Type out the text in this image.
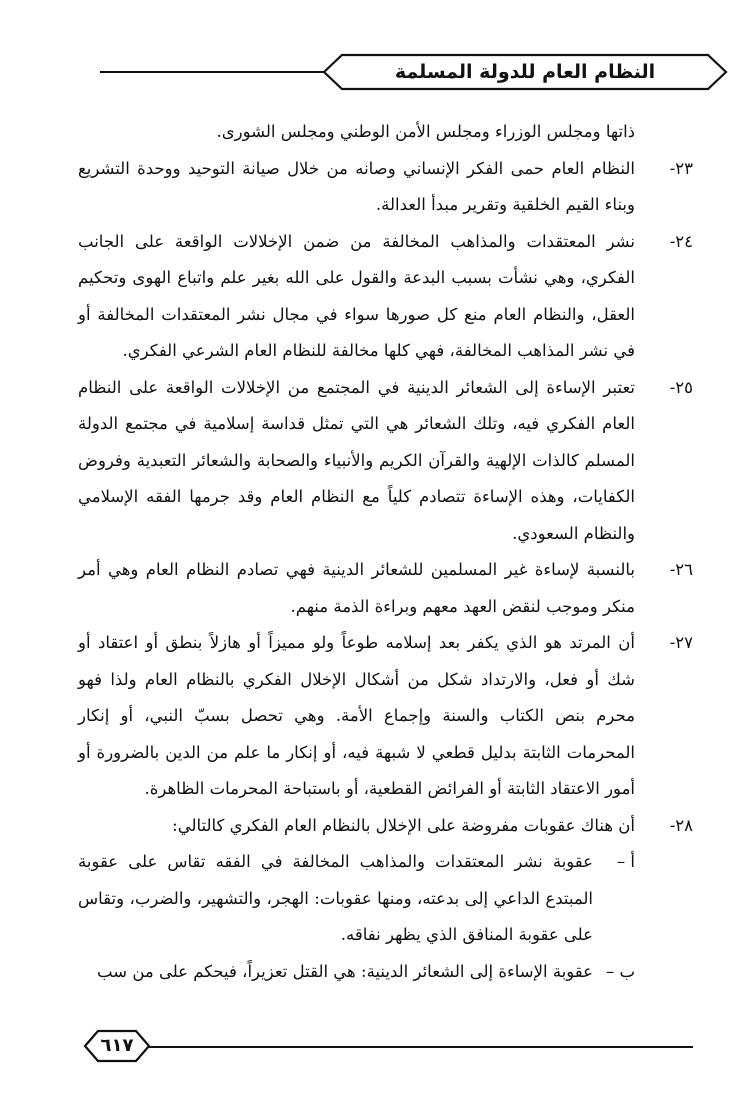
النظام العام للدولة المسلمة
ذاتها ومجلس الوزراء ومجلس الأمن الوطني ومجلس الشورى.
٢٣-
النظام العام حمى الفكر الإنساني وصانه من خلال صيانة التوحيد ووحدة التشريع وبناء القيم الخلقية وتقرير مبدأ العدالة.
٢٤-
نشر المعتقدات والمذاهب المخالفة من ضمن الإخلالات الواقعة على الجانب الفكري، وهي نشأت بسبب البدعة والقول على الله بغير علم واتباع الهوى وتحكيم العقل، والنظام العام منع كل صورها سواء في مجال نشر المعتقدات المخالفة أو في نشر المذاهب المخالفة، فهي كلها مخالفة للنظام العام الشرعي الفكري.
٢٥-
تعتبر الإساءة إلى الشعائر الدينية في المجتمع من الإخلالات الواقعة على النظام العام الفكري فيه، وتلك الشعائر هي التي تمثل قداسة إسلامية في مجتمع الدولة المسلم كالذات الإلهية والقرآن الكريم والأنبياء والصحابة والشعائر التعبدية وفروض الكفايات، وهذه الإساءة تتصادم كلياً مع النظام العام وقد جرمها الفقه الإسلامي والنظام السعودي.
٢٦-
بالنسبة لإساءة غير المسلمين للشعائر الدينية فهي تصادم النظام العام وهي أمر منكر وموجب لنقض العهد معهم وبراءة الذمة منهم.
٢٧-
أن المرتد هو الذي يكفر بعد إسلامه طوعاً ولو مميزاً أو هازلاً بنطق أو اعتقاد أو شك أو فعل، والارتداد شكل من أشكال الإخلال الفكري بالنظام العام ولذا فهو محرم بنص الكتاب والسنة وإجماع الأمة. وهي تحصل بسبّ النبي، أو إنكار المحرمات الثابتة بدليل قطعي لا شبهة فيه، أو إنكار ما علم من الدين بالضرورة أو أمور الاعتقاد الثابتة أو الفرائض القطعية، أو باستباحة المحرمات الظاهرة.
٢٨-
أن هناك عقوبات مفروضة على الإخلال بالنظام العام الفكري كالتالي:
أ –
عقوبة نشر المعتقدات والمذاهب المخالفة في الفقه تقاس على عقوبة المبتدع الداعي إلى بدعته، ومنها عقوبات: الهجر، والتشهير، والضرب، وتقاس على عقوبة المنافق الذي يظهر نفاقه.
ب –
عقوبة الإساءة إلى الشعائر الدينية: هي القتل تعزيراً، فيحكم على من سب
٦١٧
